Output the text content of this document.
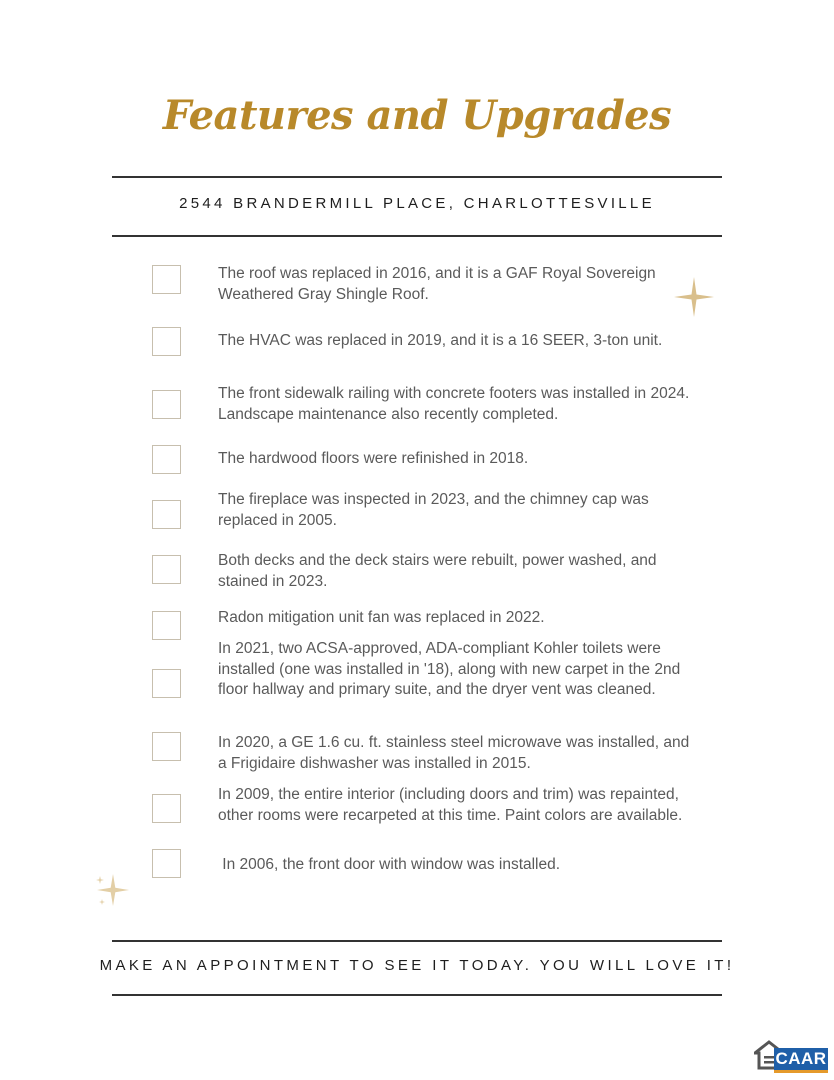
Features and Upgrades
2544 BRANDERMILL PLACE, CHARLOTTESVILLE
The roof was replaced in 2016, and it is a GAF Royal Sovereign Weathered Gray Shingle Roof.
The HVAC was replaced in 2019, and it is a 16 SEER, 3-ton unit.
The front sidewalk railing with concrete footers was installed in 2024. Landscape maintenance also recently completed.
The hardwood floors were refinished in 2018.
The fireplace was inspected in 2023, and the chimney cap was replaced in 2005.
Both decks and the deck stairs were rebuilt, power washed, and stained in 2023.
Radon mitigation unit fan was replaced in 2022.
In 2021, two ACSA-approved, ADA-compliant Kohler toilets were installed (one was installed in '18), along with new carpet in the 2nd floor hallway and primary suite, and the dryer vent was cleaned.
In 2020, a GE 1.6 cu. ft. stainless steel microwave was installed, and a Frigidaire dishwasher was installed in 2015.
In 2009, the entire interior (including doors and trim) was repainted, other rooms were recarpeted at this time. Paint colors are available.
In 2006, the front door with window was installed.
MAKE AN APPOINTMENT TO SEE IT TODAY. YOU WILL LOVE IT!
CAAR
